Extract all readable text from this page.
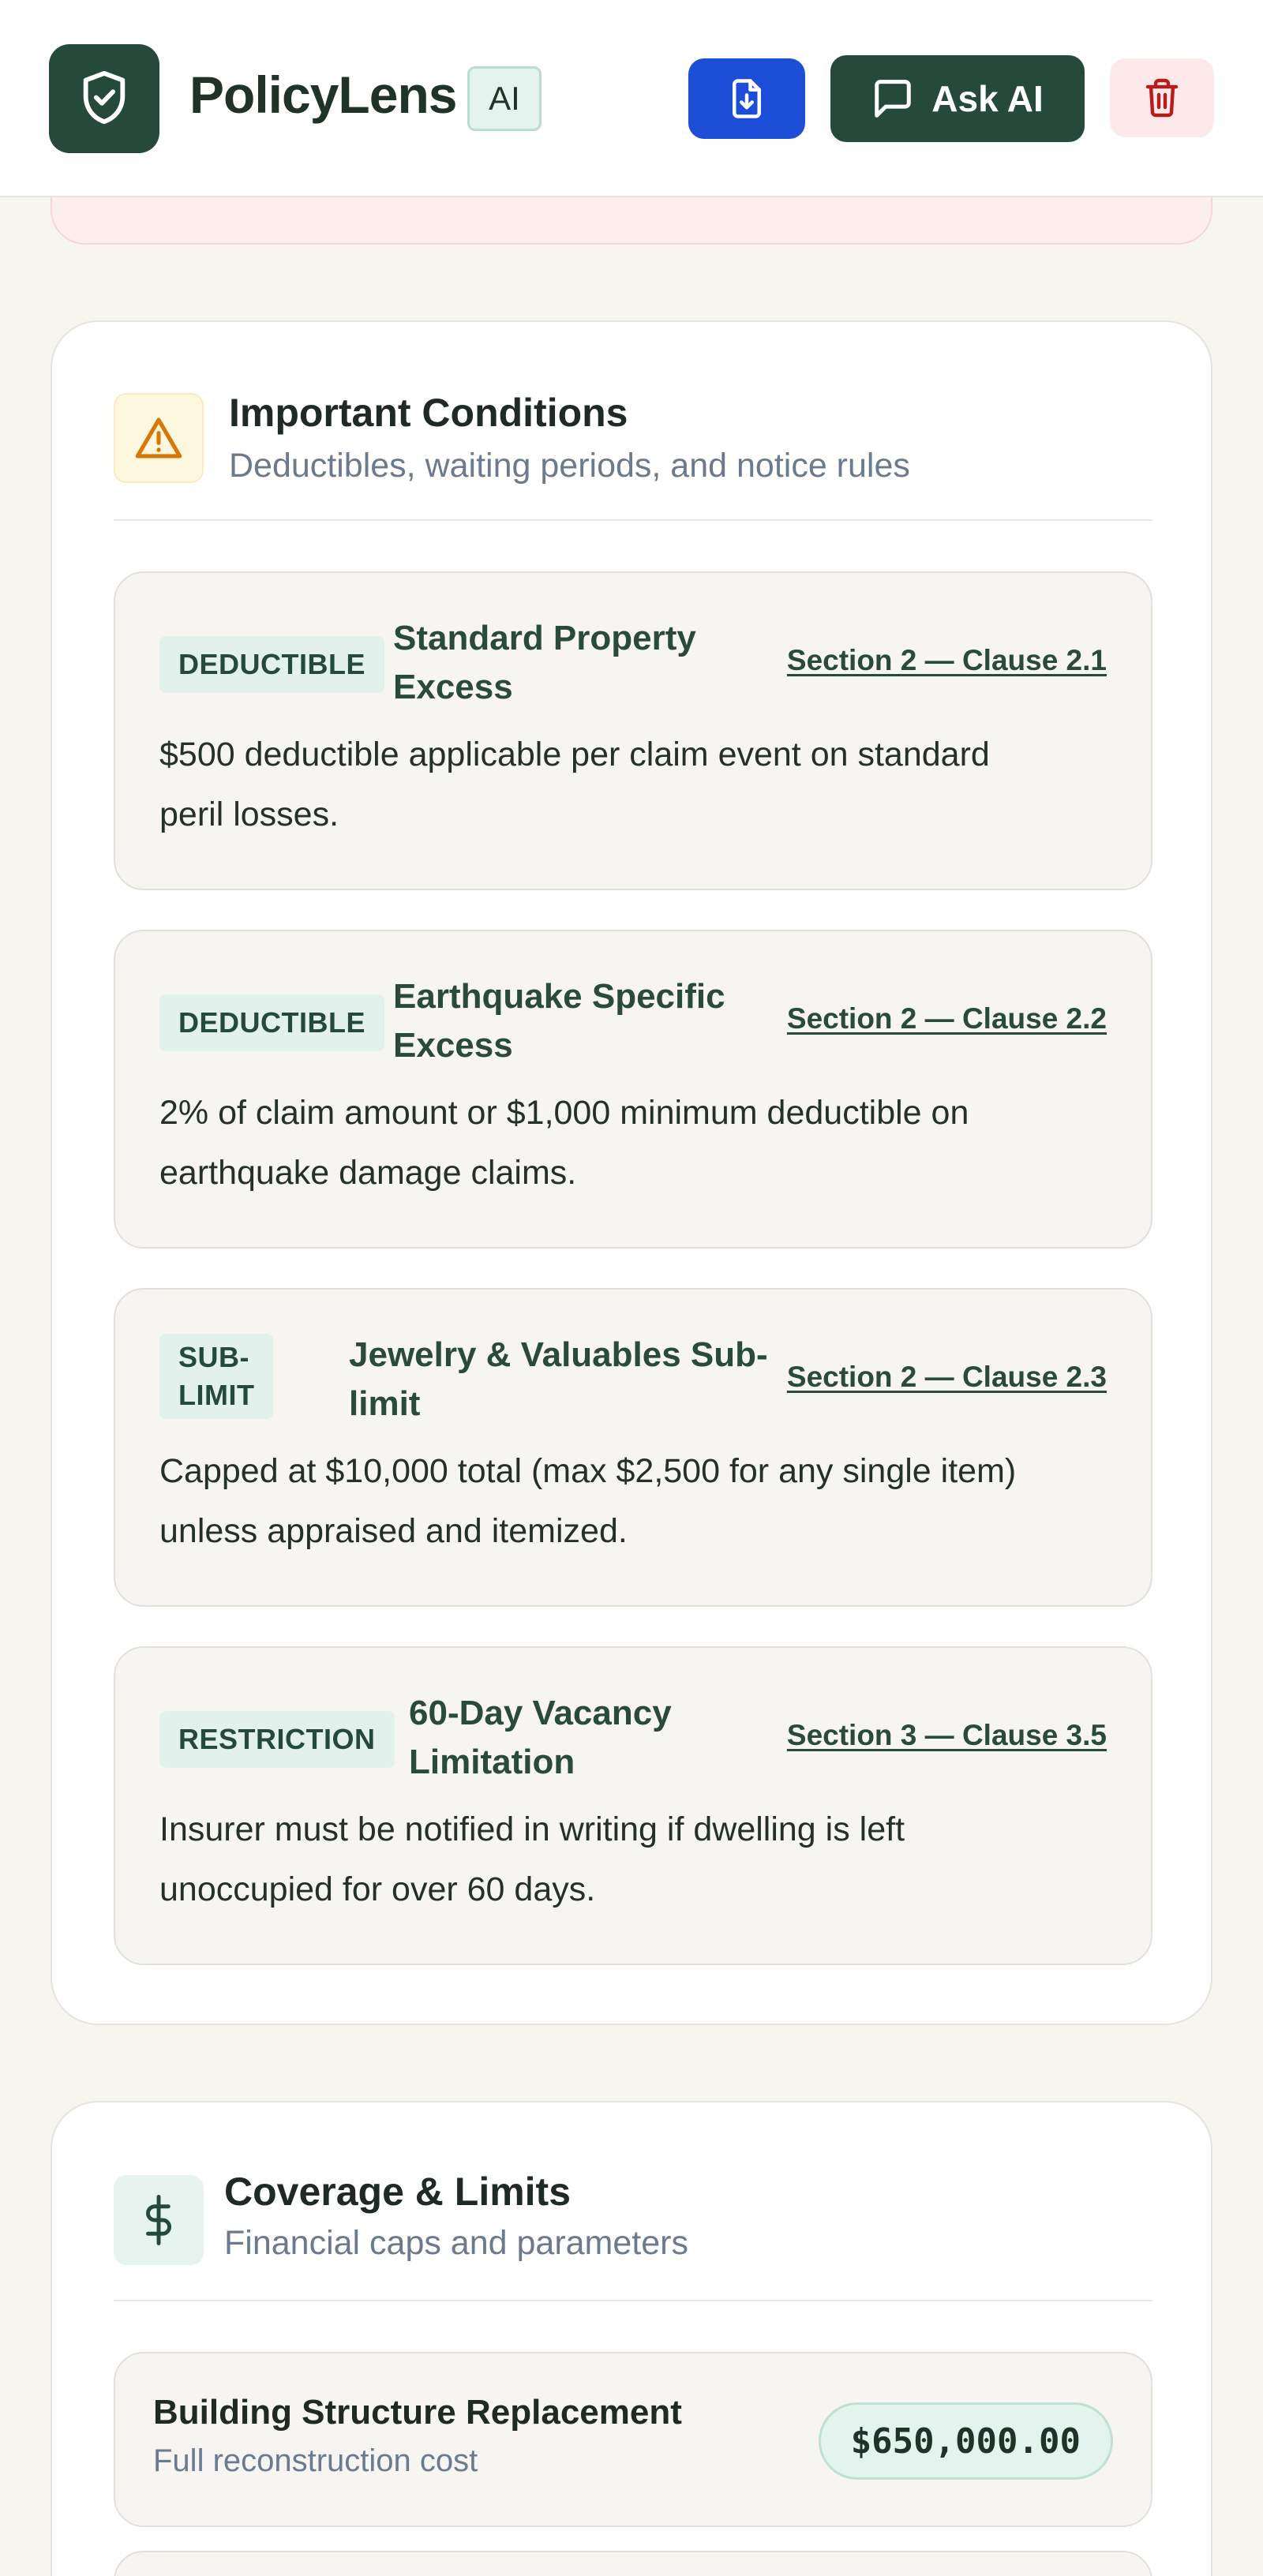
PolicyLens AI	Ask AI
Important Conditions
Deductibles, waiting periods, and notice rules
DEDUCTIBLE
Standard Property
Excess
Section 2 — Clause 2.1
$500 deductible applicable per claim event on standard
peril losses.
DEDUCTIBLE
Earthquake Specific
Excess
Section 2 — Clause 2.2
2% of claim amount or $1,000 minimum deductible on
earthquake damage claims.
SUB-
LIMIT
Jewelry & Valuables Sub-
limit
Section 2 — Clause 2.3
Capped at $10,000 total (max $2,500 for any single item)
unless appraised and itemized.
RESTRICTION
60-Day Vacancy
Limitation
Section 3 — Clause 3.5
Insurer must be notified in writing if dwelling is left
unoccupied for over 60 days.
Coverage & Limits
Financial caps and parameters
Building Structure Replacement
Full reconstruction cost	$650,000.00
